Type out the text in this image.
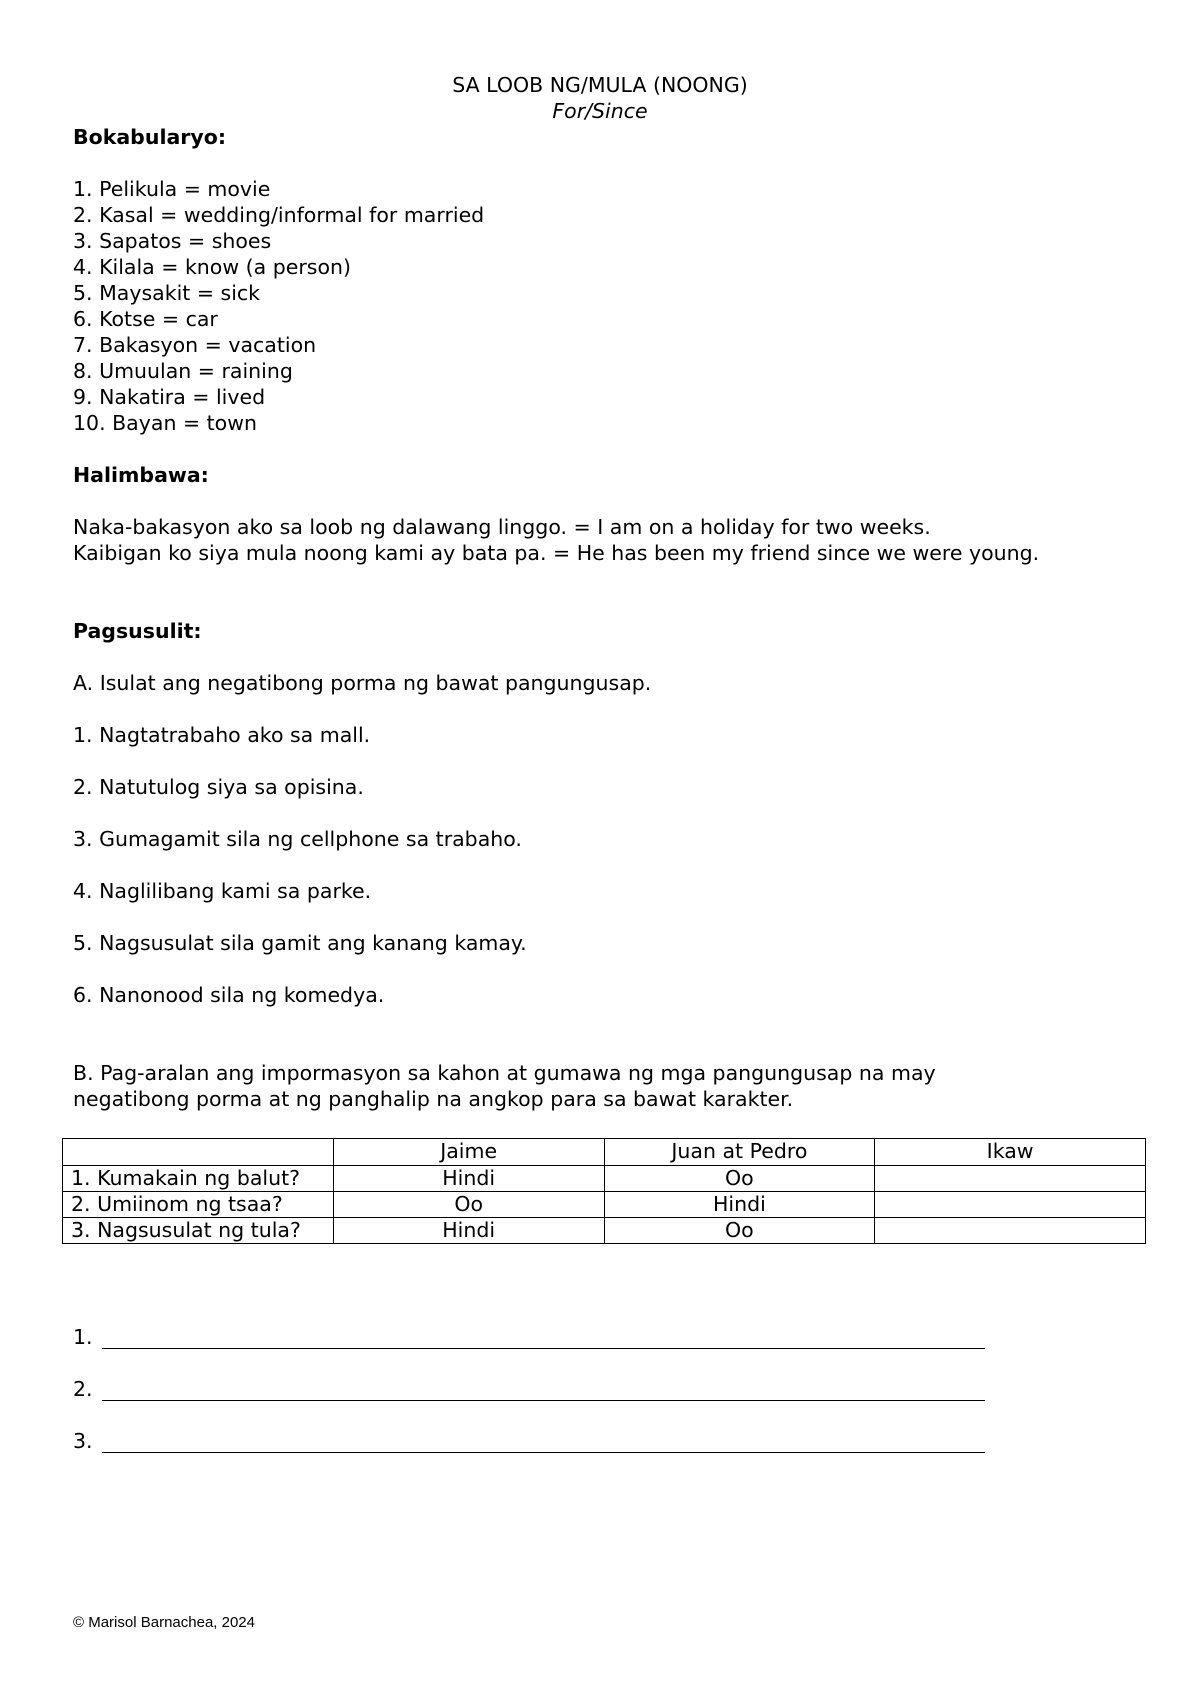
SA LOOB NG/MULA (NOONG)
For/Since
Bokabularyo:
1. Pelikula = movie
2. Kasal = wedding/informal for married
3. Sapatos = shoes
4. Kilala = know (a person)
5. Maysakit = sick
6. Kotse = car
7. Bakasyon = vacation
8. Umuulan = raining
9. Nakatira = lived
10. Bayan = town
Halimbawa:
Naka-bakasyon ako sa loob ng dalawang linggo. = I am on a holiday for two weeks.
Kaibigan ko siya mula noong kami ay bata pa. = He has been my friend since we were young.
Pagsusulit:
A. Isulat ang negatibong porma ng bawat pangungusap.
1. Nagtatrabaho ako sa mall.
2. Natutulog siya sa opisina.
3. Gumagamit sila ng cellphone sa trabaho.
4. Naglilibang kami sa parke.
5. Nagsusulat sila gamit ang kanang kamay.
6. Nanonood sila ng komedya.
B. Pag-aralan ang impormasyon sa kahon at gumawa ng mga pangungusap na may
negatibong porma at ng panghalip na angkop para sa bawat karakter.
	Jaime	Juan at Pedro	Ikaw
1. Kumakain ng balut?	Hindi	Oo	
2. Umiinom ng tsaa?	Oo	Hindi	
3. Nagsusulat ng tula?	Hindi	Oo	
1.
2.
3.
© Marisol Barnachea, 2024
